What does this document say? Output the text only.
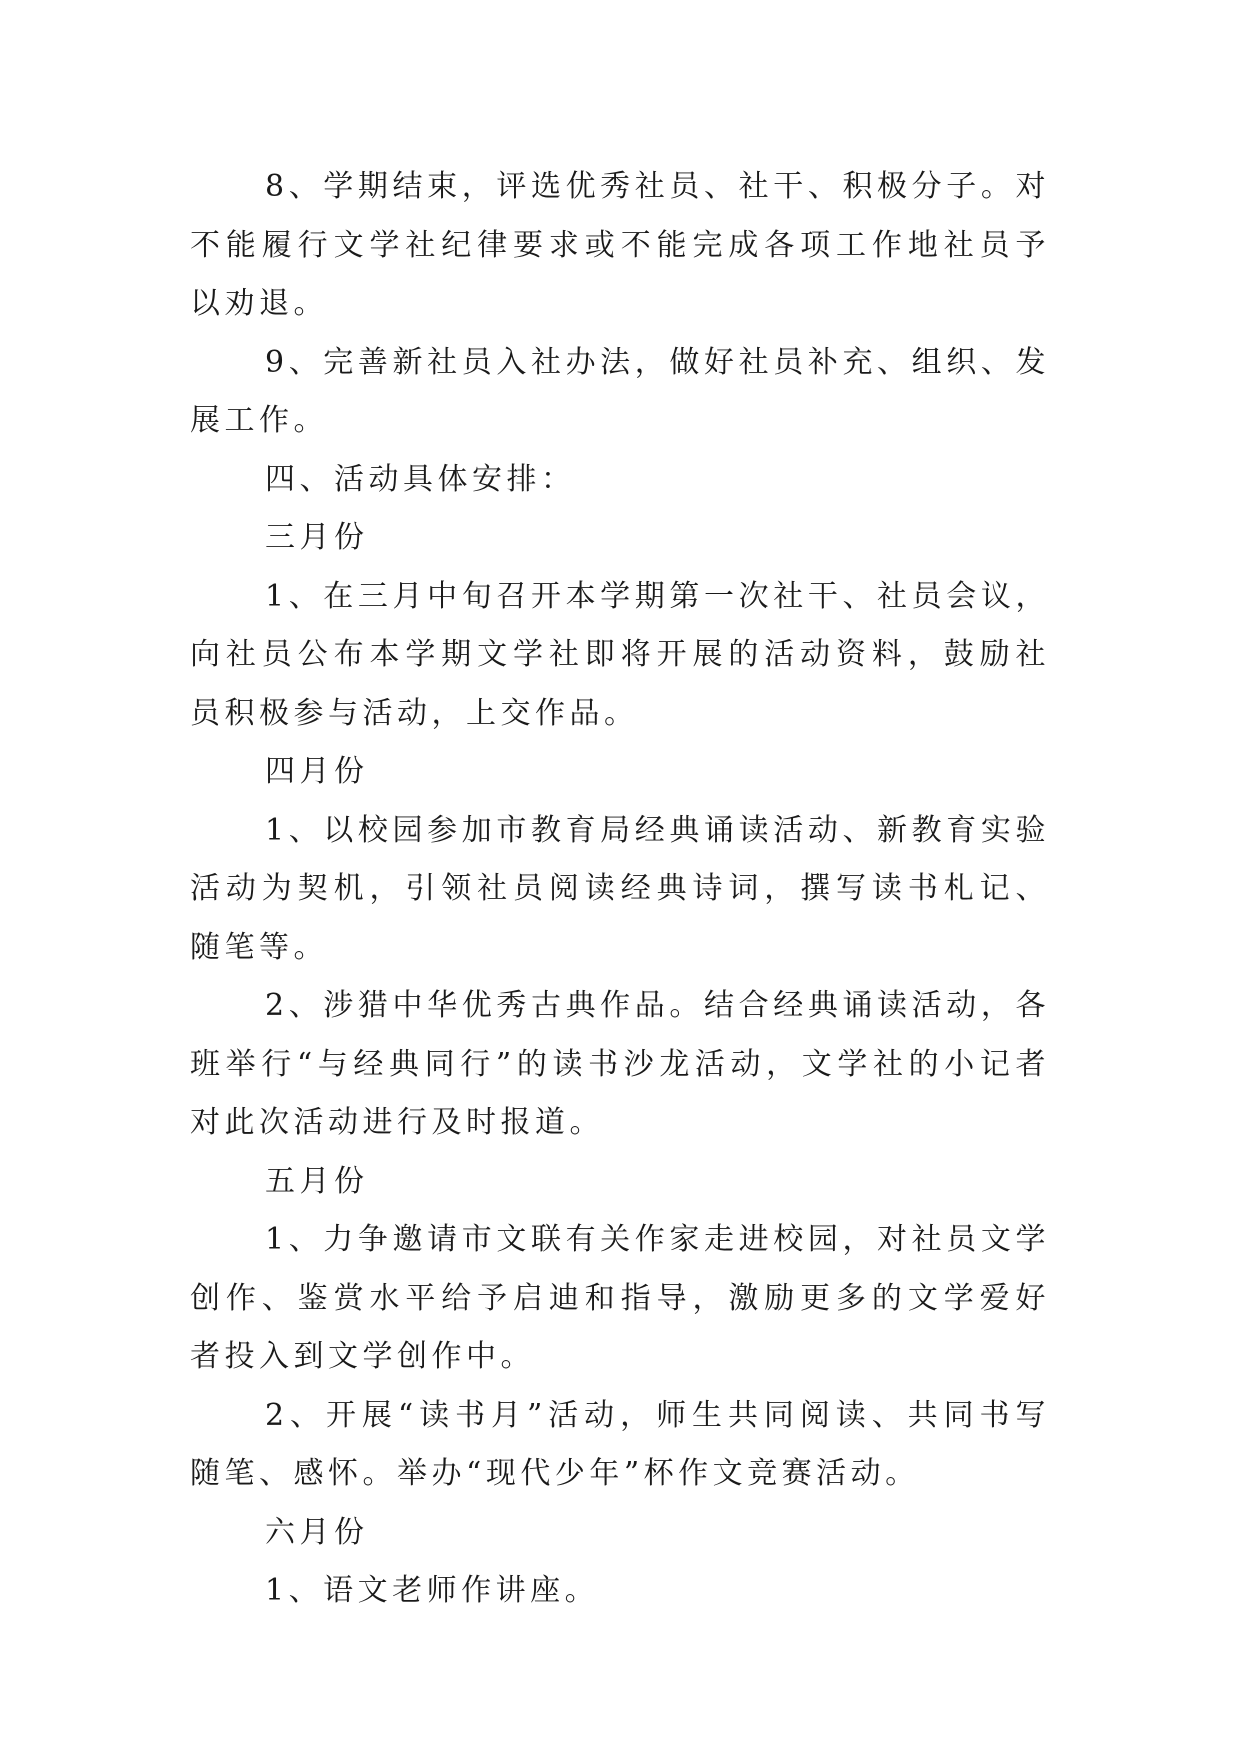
8、学期结束，评选优秀社员、社干、积极分子。对不能履行文学社纪律要求或不能完成各项工作地社员予以劝退。

9、完善新社员入社办法，做好社员补充、组织、发展工作。

四、活动具体安排：

三月份

1、在三月中旬召开本学期第一次社干、社员会议，向社员公布本学期文学社即将开展的活动资料，鼓励社员积极参与活动，上交作品。

四月份

1、以校园参加市教育局经典诵读活动、新教育实验活动为契机，引领社员阅读经典诗词，撰写读书札记、随笔等。

2、涉猎中华优秀古典作品。结合经典诵读活动，各班举行“与经典同行”的读书沙龙活动，文学社的小记者对此次活动进行及时报道。

五月份

1、力争邀请市文联有关作家走进校园，对社员文学创作、鉴赏水平给予启迪和指导，激励更多的文学爱好者投入到文学创作中。

2、开展“读书月”活动，师生共同阅读、共同书写随笔、感怀。举办“现代少年”杯作文竞赛活动。

六月份

1、语文老师作讲座。
